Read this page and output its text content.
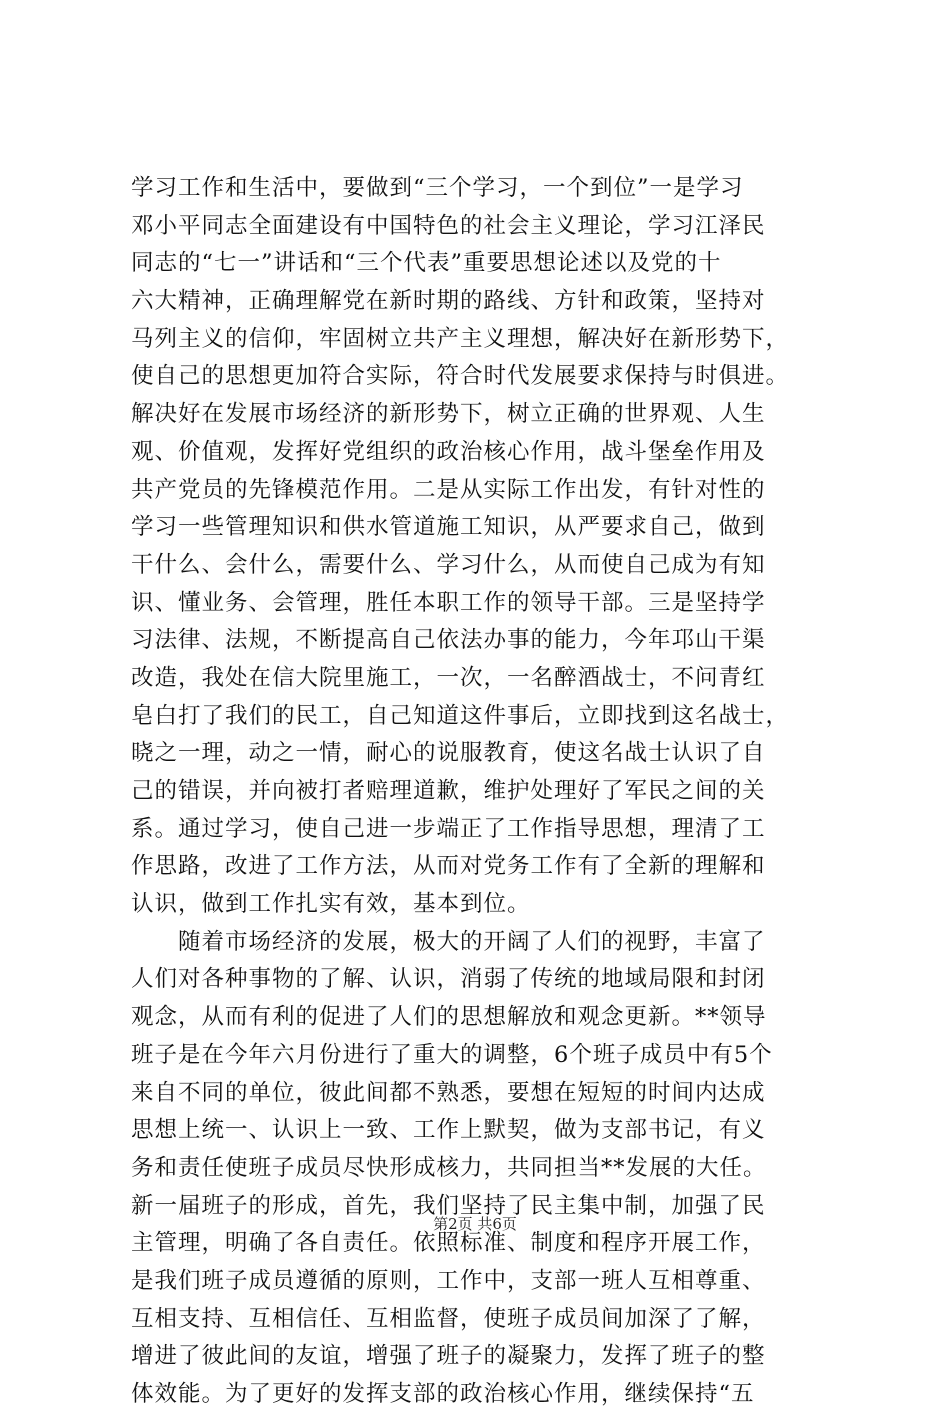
学习工作和生活中，要做到“三个学习，一个到位”一是学习
邓小平同志全面建设有中国特色的社会主义理论，学习江泽民
同志的“七一”讲话和“三个代表”重要思想论述以及党的十
六大精神，正确理解党在新时期的路线、方针和政策，坚持对
马列主义的信仰，牢固树立共产主义理想，解决好在新形势下，
使自己的思想更加符合实际，符合时代发展要求保持与时俱进。
解决好在发展市场经济的新形势下，树立正确的世界观、人生
观、价值观，发挥好党组织的政治核心作用，战斗堡垒作用及
共产党员的先锋模范作用。二是从实际工作出发，有针对性的
学习一些管理知识和供水管道施工知识，从严要求自己，做到
干什么、会什么，需要什么、学习什么，从而使自己成为有知
识、懂业务、会管理，胜任本职工作的领导干部。三是坚持学
习法律、法规，不断提高自己依法办事的能力，今年邛山干渠
改造，我处在信大院里施工，一次，一名醉酒战士，不问青红
皂白打了我们的民工，自己知道这件事后，立即找到这名战士，
晓之一理，动之一情，耐心的说服教育，使这名战士认识了自
己的错误，并向被打者赔理道歉，维护处理好了军民之间的关
系。通过学习，使自己进一步端正了工作指导思想，理清了工
作思路，改进了工作方法，从而对党务工作有了全新的理解和
认识，做到工作扎实有效，基本到位。
　　随着市场经济的发展，极大的开阔了人们的视野，丰富了
人们对各种事物的了解、认识，消弱了传统的地域局限和封闭
观念，从而有利的促进了人们的思想解放和观念更新。**领导
班子是在今年六月份进行了重大的调整，6个班子成员中有5个
来自不同的单位，彼此间都不熟悉，要想在短短的时间内达成
思想上统一、认识上一致、工作上默契，做为支部书记，有义
务和责任使班子成员尽快形成核力，共同担当**发展的大任。
新一届班子的形成，首先，我们坚持了民主集中制，加强了民
主管理，明确了各自责任。依照标准、制度和程序开展工作，
是我们班子成员遵循的原则，工作中，支部一班人互相尊重、
互相支持、互相信任、互相监督，使班子成员间加深了了解，
增进了彼此间的友谊，增强了班子的凝聚力，发挥了班子的整
体效能。为了更好的发挥支部的政治核心作用，继续保持“五
第2页 共6页
